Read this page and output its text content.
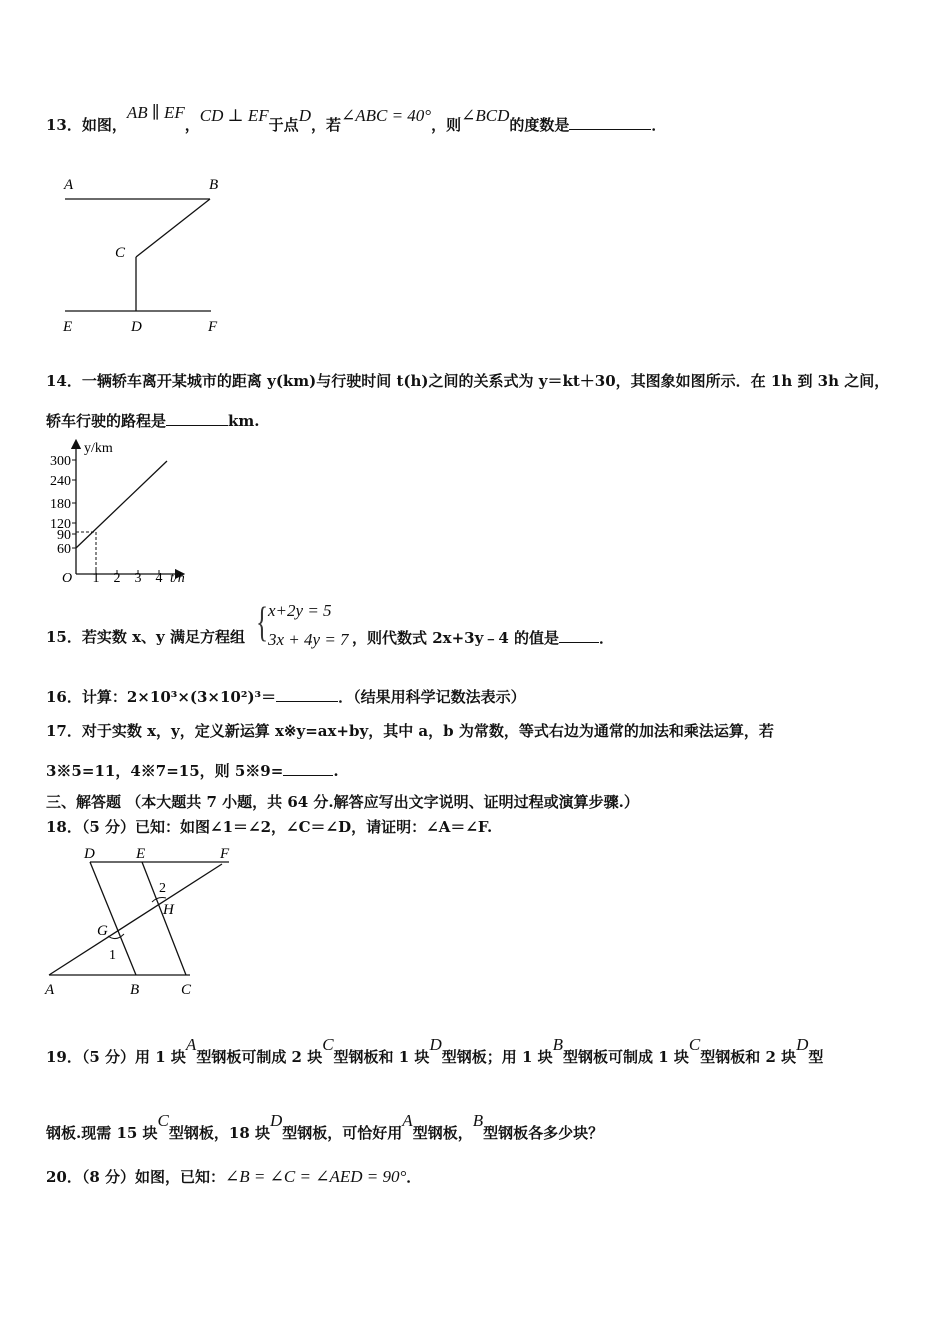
13．如图，AB ∥ EF，CD ⊥ EF于点D，若∠ABC = 40°，则∠BCD的度数是	．
A	B
C
E	D	F
14．一辆轿车离开某城市的距离 y(km)与行驶时间 t(h)之间的关系式为 y＝kt＋30，其图象如图所示．在 1h 到 3h 之间，
轿车行驶的路程是	km.
y/km
t/h
O
300
240
180
120
90
60
1 2 3 4
15．若实数 x、y 满足方程组 { x+2y = 5
3x + 4y = 7 ，则代数式 2x+3y﹣4 的值是	．
16．计算：2×10³×(3×10²)³＝	．（结果用科学记数法表示）
17．对于实数 x，y，定义新运算 x※y=ax+by，其中 a，b 为常数，等式右边为通常的加法和乘法运算，若
3※5=11，4※7=15，则 5※9=	.
三、解答题 （本大题共 7 小题，共 64 分.解答应写出文字说明、证明过程或演算步骤.）
18．（5 分）已知：如图∠1＝∠2，∠C＝∠D，请证明：∠A＝∠F.
D	E	F
G
H
2
1
A	B	C
19．（5 分）用 1 块A型钢板可制成 2 块C型钢板和 1 块D型钢板；用 1 块B型钢板可制成 1 块C型钢板和 2 块D型
钢板.现需 15 块C型钢板，18 块D型钢板，可恰好用A型钢板，B型钢板各多少块？
20．（8 分）如图，已知：∠B = ∠C = ∠AED = 90°．
